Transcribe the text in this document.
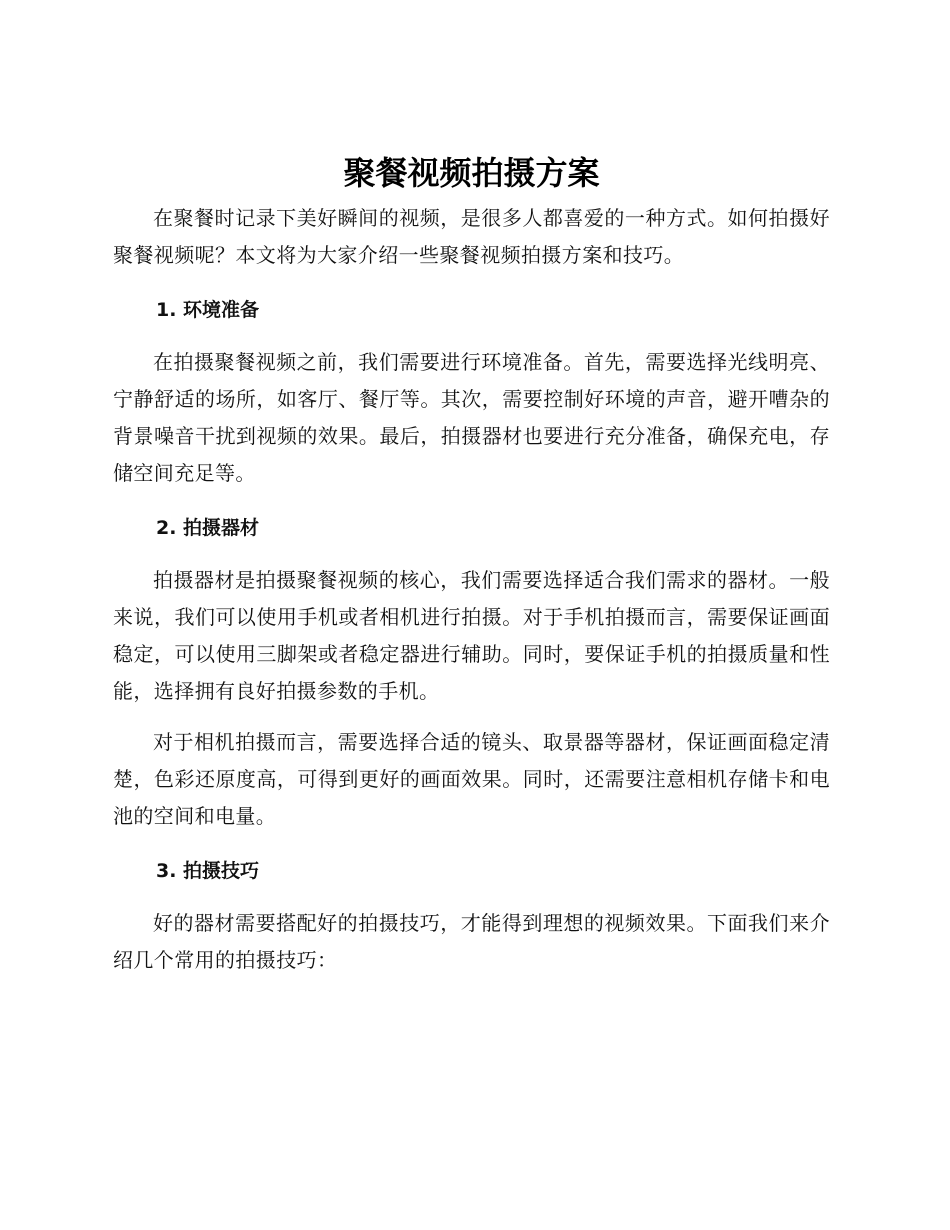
聚餐视频拍摄方案

在聚餐时记录下美好瞬间的视频，是很多人都喜爱的一种方式。如何拍摄好聚餐视频呢？本文将为大家介绍一些聚餐视频拍摄方案和技巧。

1. 环境准备

在拍摄聚餐视频之前，我们需要进行环境准备。首先，需要选择光线明亮、宁静舒适的场所，如客厅、餐厅等。其次，需要控制好环境的声音，避开嘈杂的背景噪音干扰到视频的效果。最后，拍摄器材也要进行充分准备，确保充电，存储空间充足等。

2. 拍摄器材

拍摄器材是拍摄聚餐视频的核心，我们需要选择适合我们需求的器材。一般来说，我们可以使用手机或者相机进行拍摄。对于手机拍摄而言，需要保证画面稳定，可以使用三脚架或者稳定器进行辅助。同时，要保证手机的拍摄质量和性能，选择拥有良好拍摄参数的手机。

对于相机拍摄而言，需要选择合适的镜头、取景器等器材，保证画面稳定清楚，色彩还原度高，可得到更好的画面效果。同时，还需要注意相机存储卡和电池的空间和电量。

3. 拍摄技巧

好的器材需要搭配好的拍摄技巧，才能得到理想的视频效果。下面我们来介绍几个常用的拍摄技巧：
